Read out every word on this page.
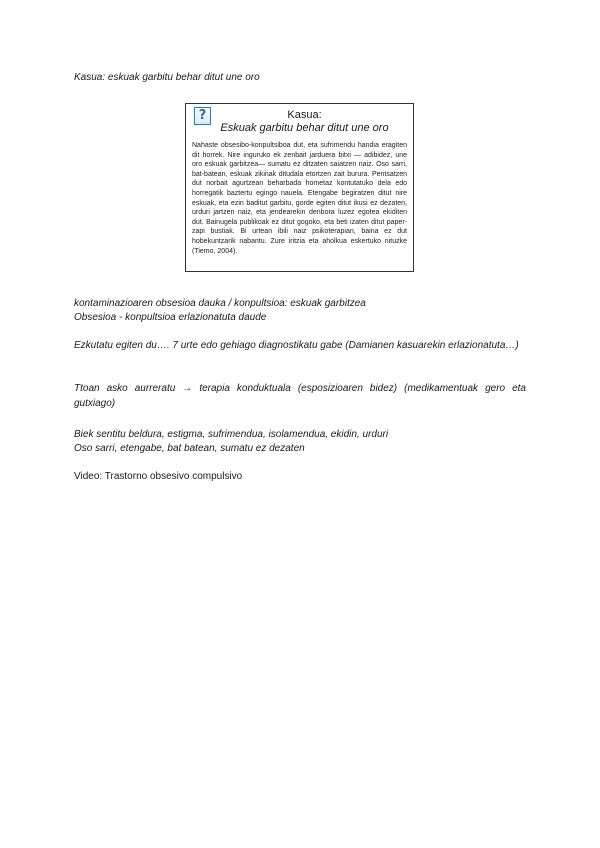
Kasua: eskuak garbitu behar ditut une oro

?	Kasua:

Eskuak garbitu behar ditut une oro

Nahaste obsesibo-konpultsiboa dut, eta sufrimendu handia eragiten dit horrek. Nire inguruko ek zenbait jarduera bitxi — adibidez, une oro eskuak garbitzea— sumatu ez ditzaten saiatzen naiz. Oso sarri, bat-batean, eskuak zikinak ditudala etortzen zait burura. Pentsatzen dut norbait agurtzean beharbada hometaz kontutatuko dela edo horregatik baztertu egingo nauela. Etengabe begiratzen ditut nire eskuak, eta ezin baditut garbitu, gorde egiten ditut ikusi ez dezaten, urduri jartzen naiz, eta jendearekin denbora luzez egotea ekiditen dut. Bainugela publikoak ez ditut gogoko, eta beti izaten ditut paper-zapi bustiak. Bi urtean ibili naiz psikoterapian, baina ez dut hobekuntzarik nabaritu. Zure iritzia eta aholkua eskertuko nituzke (Tiemo, 2004).

kontaminazioaren obsesioa dauka / konpultsioa: eskuak garbitzea

Obsesioa - konpultsioa erlazionatuta daude

Ezkutatu egiten du…. 7 urte edo gehiago diagnostikatu gabe (Damianen kasuarekin erlazionatuta…)

Ttoan asko aurreratu → terapia konduktuala (esposizioaren bidez) (medikamentuak gero eta gutxiago)

Biek sentitu beldura, estigma, sufrimendua, isolamendua, ekidin, urduri

Oso sarri, etengabe, bat batean, sumatu ez dezaten

Video: Trastorno obsesivo compulsivo
